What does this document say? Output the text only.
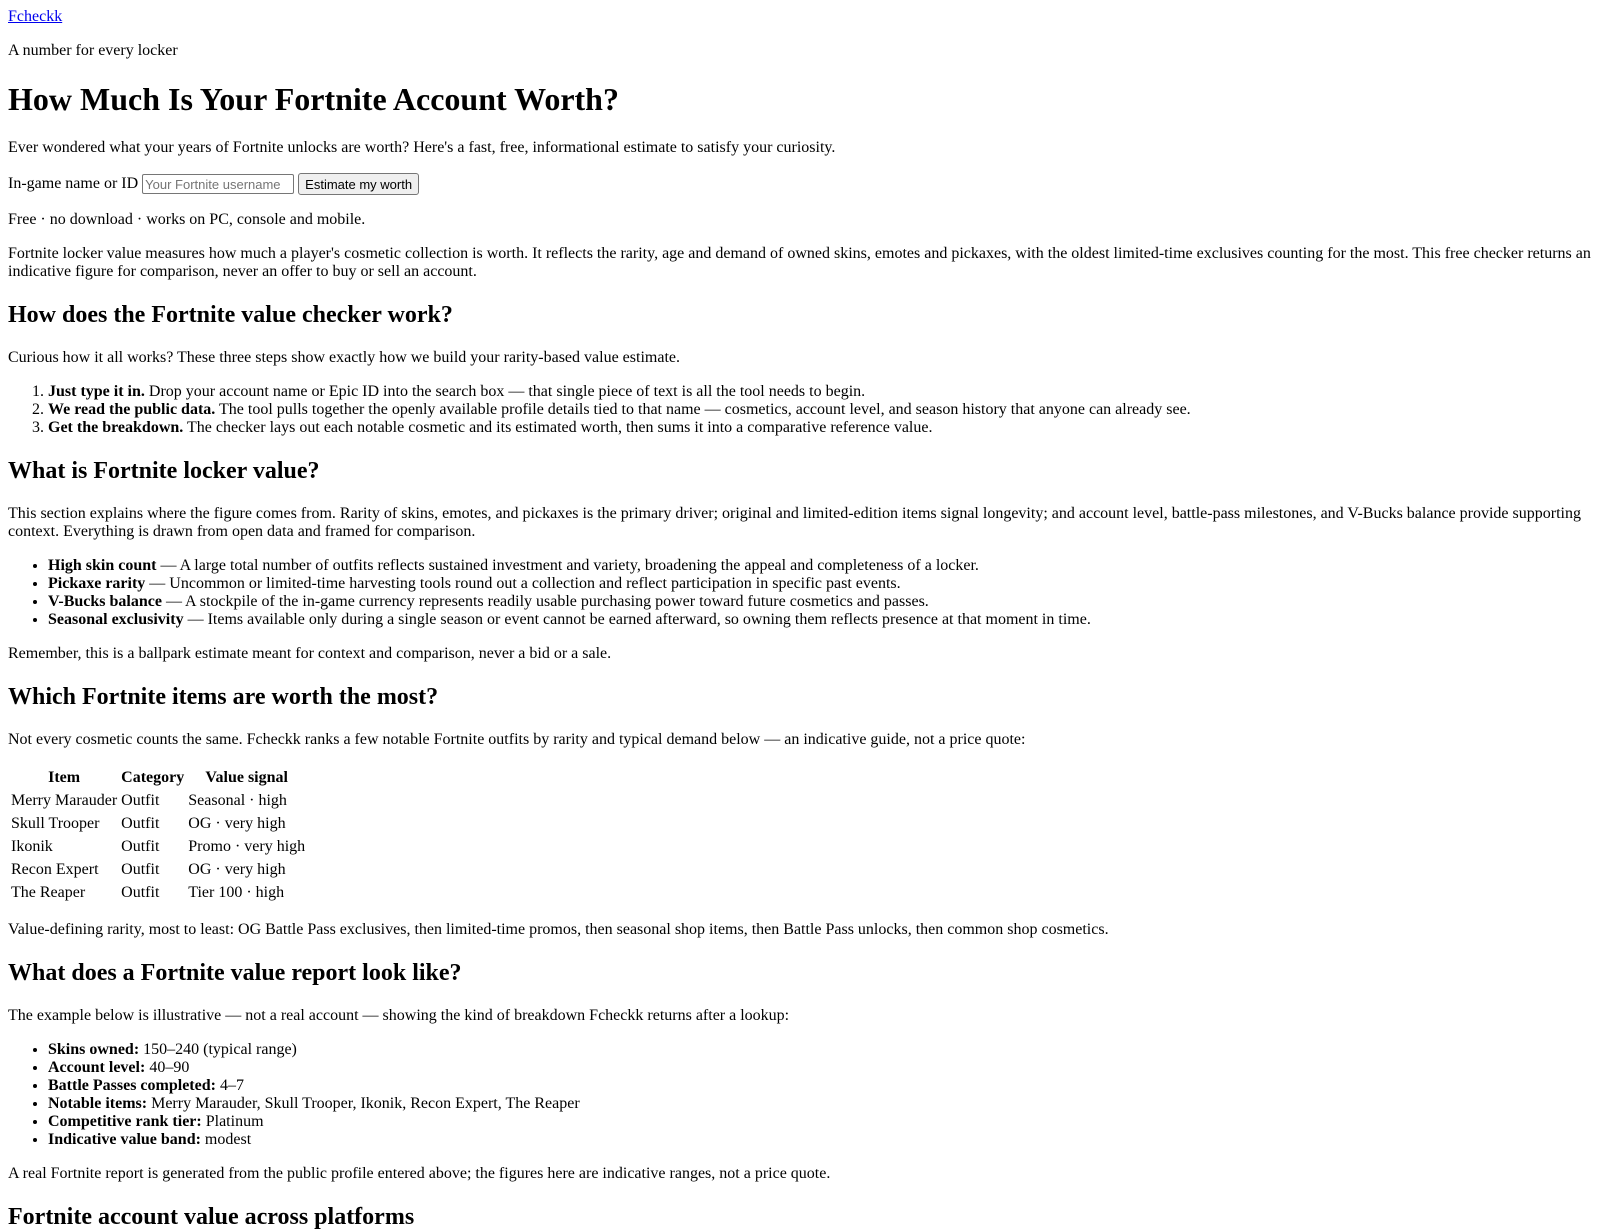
Fcheckk

A number for every locker

How Much Is Your Fortnite Account Worth?

Ever wondered what your years of Fortnite unlocks are worth? Here's a fast, free, informational estimate to satisfy your curiosity.

In-game name or ID
Your Fortnite username	Estimate my worth

Free · no download · works on PC, console and mobile.

Fortnite locker value measures how much a player's cosmetic collection is worth. It reflects the rarity, age and demand of owned skins, emotes and pickaxes, with the oldest limited-time exclusives counting for the most. This free checker returns an indicative figure for comparison, never an offer to buy or sell an account.

How does the Fortnite value checker work?

Curious how it all works? These three steps show exactly how we build your rarity-based value estimate.

1. Just type it in. Drop your account name or Epic ID into the search box — that single piece of text is all the tool needs to begin.
2. We read the public data. The tool pulls together the openly available profile details tied to that name — cosmetics, account level, and season history that anyone can already see.
3. Get the breakdown. The checker lays out each notable cosmetic and its estimated worth, then sums it into a comparative reference value.
What is Fortnite locker value?

This section explains where the figure comes from. Rarity of skins, emotes, and pickaxes is the primary driver; original and limited-edition items signal longevity; and account level, battle-pass milestones, and V-Bucks balance provide supporting context. Everything is drawn from open data and framed for comparison.

• High skin count — A large total number of outfits reflects sustained investment and variety, broadening the appeal and completeness of a locker.
• Pickaxe rarity — Uncommon or limited-time harvesting tools round out a collection and reflect participation in specific past events.
• V-Bucks balance — A stockpile of the in-game currency represents readily usable purchasing power toward future cosmetics and passes.
• Seasonal exclusivity — Items available only during a single season or event cannot be earned afterward, so owning them reflects presence at that moment in time.

Remember, this is a ballpark estimate meant for context and comparison, never a bid or a sale.

Which Fortnite items are worth the most?

Not every cosmetic counts the same. Fcheckk ranks a few notable Fortnite outfits by rarity and typical demand below — an indicative guide, not a price quote:

Item	Category	Value signal
Merry Marauder	Outfit	Seasonal · high
Skull Trooper	Outfit	OG · very high
Ikonik	Outfit	Promo · very high
Recon Expert	Outfit	OG · very high
The Reaper	Outfit	Tier 100 · high

Value-defining rarity, most to least: OG Battle Pass exclusives, then limited-time promos, then seasonal shop items, then Battle Pass unlocks, then common shop cosmetics.

What does a Fortnite value report look like?

The example below is illustrative — not a real account — showing the kind of breakdown Fcheckk returns after a lookup:

• Skins owned: 150–240 (typical range)
• Account level: 40–90
• Battle Passes completed: 4–7
• Notable items: Merry Marauder, Skull Trooper, Ikonik, Recon Expert, The Reaper
• Competitive rank tier: Platinum
• Indicative value band: modest

A real Fortnite report is generated from the public profile entered above; the figures here are indicative ranges, not a price quote.

Fortnite account value across platforms
